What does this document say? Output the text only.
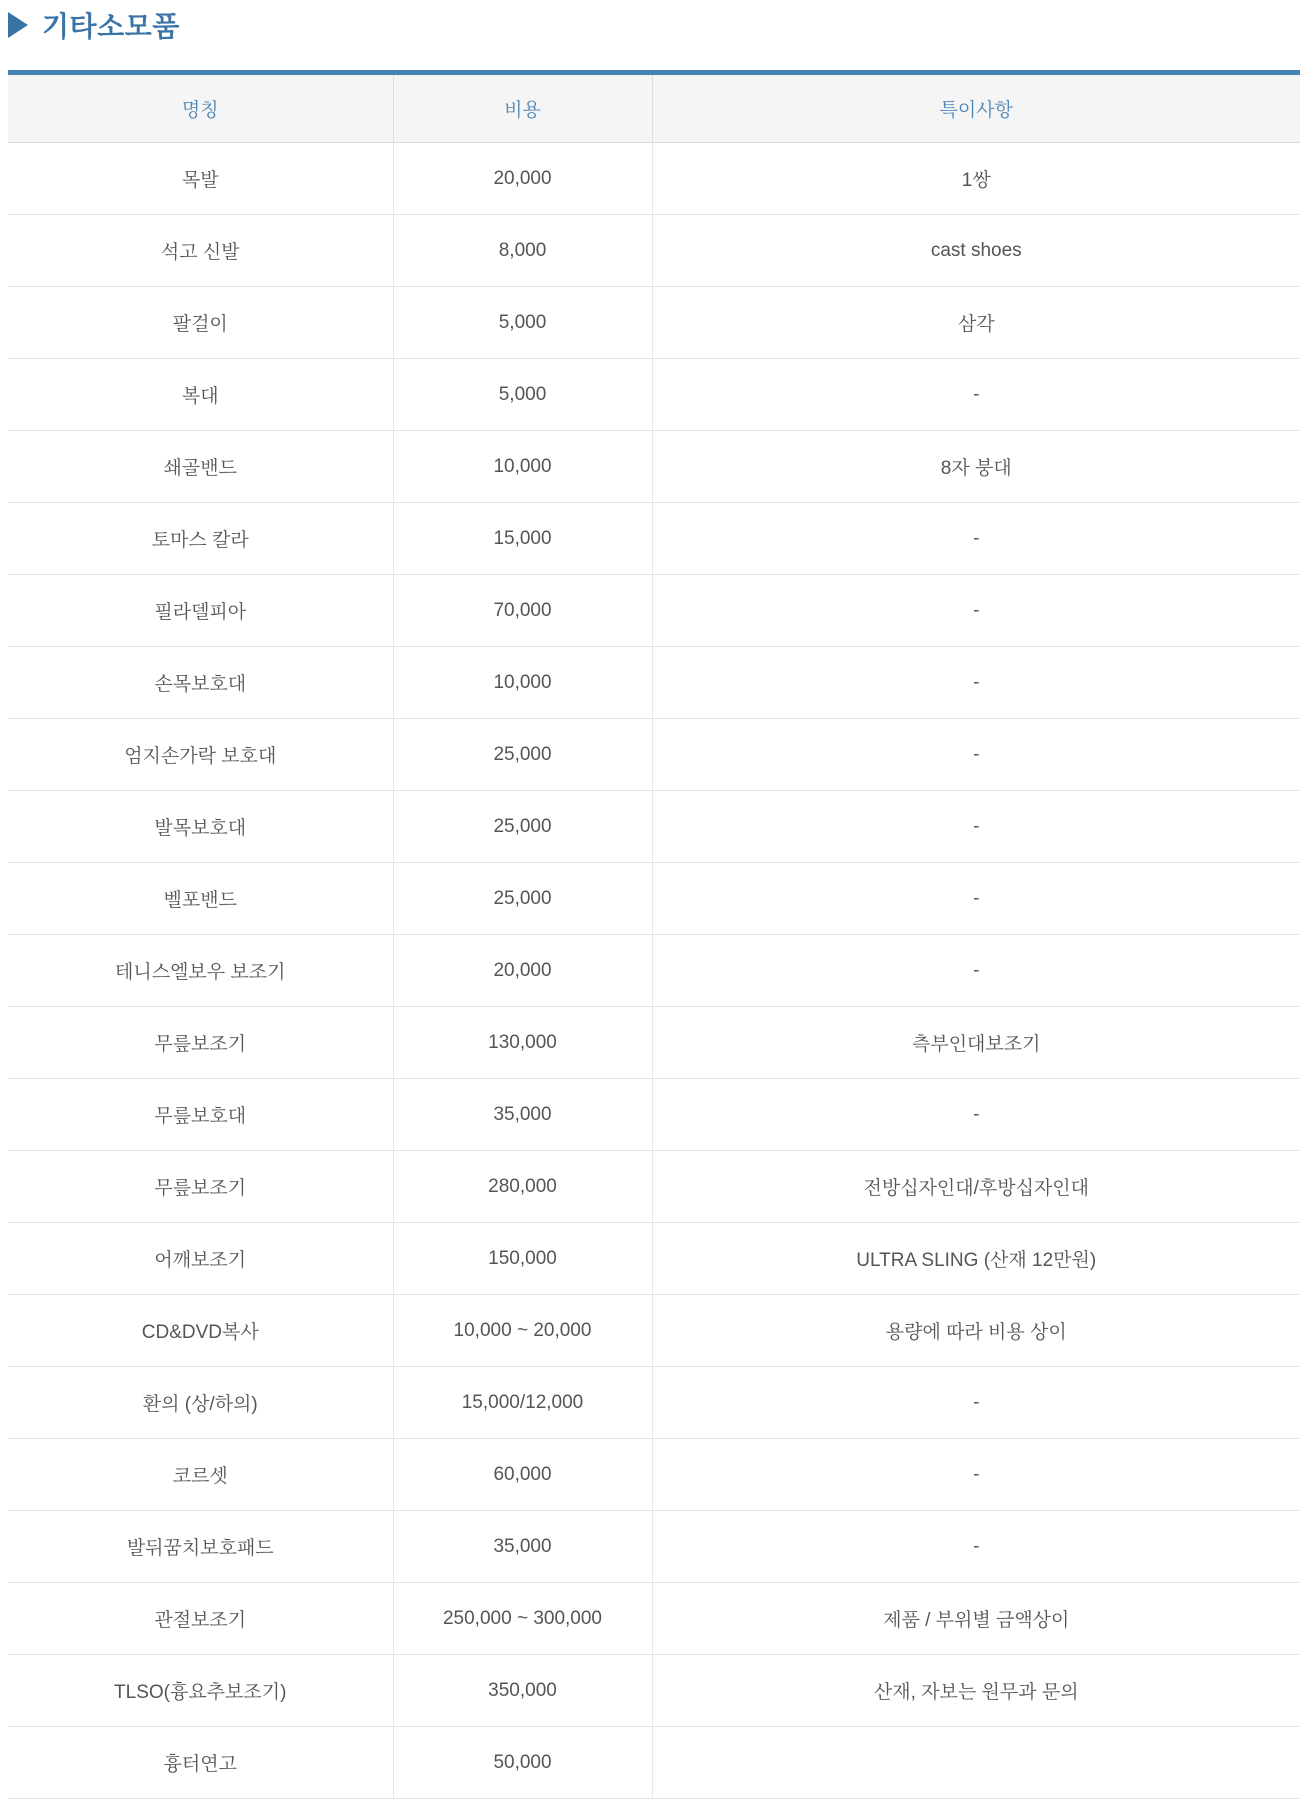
기타소모품
명칭	비용	특이사항
목발	20,000	1쌍
석고 신발	8,000	cast shoes
팔걸이	5,000	삼각
복대	5,000	-
쇄골밴드	10,000	8자 붕대
토마스 칼라	15,000	-
필라델피아	70,000	-
손목보호대	10,000	-
엄지손가락 보호대	25,000	-
발목보호대	25,000	-
벨포밴드	25,000	-
테니스엘보우 보조기	20,000	-
무릎보조기	130,000	측부인대보조기
무릎보호대	35,000	-
무릎보조기	280,000	전방십자인대/후방십자인대
어깨보조기	150,000	ULTRA SLING (산재 12만원)
CD&DVD복사	10,000 ~ 20,000	용량에 따라 비용 상이
환의 (상/하의)	15,000/12,000	-
코르셋	60,000	-
발뒤꿈치보호패드	35,000	-
관절보조기	250,000 ~ 300,000	제품 / 부위별 금액상이
TLSO(흉요추보조기)	350,000	산재, 자보는 원무과 문의
흉터연고	50,000	
